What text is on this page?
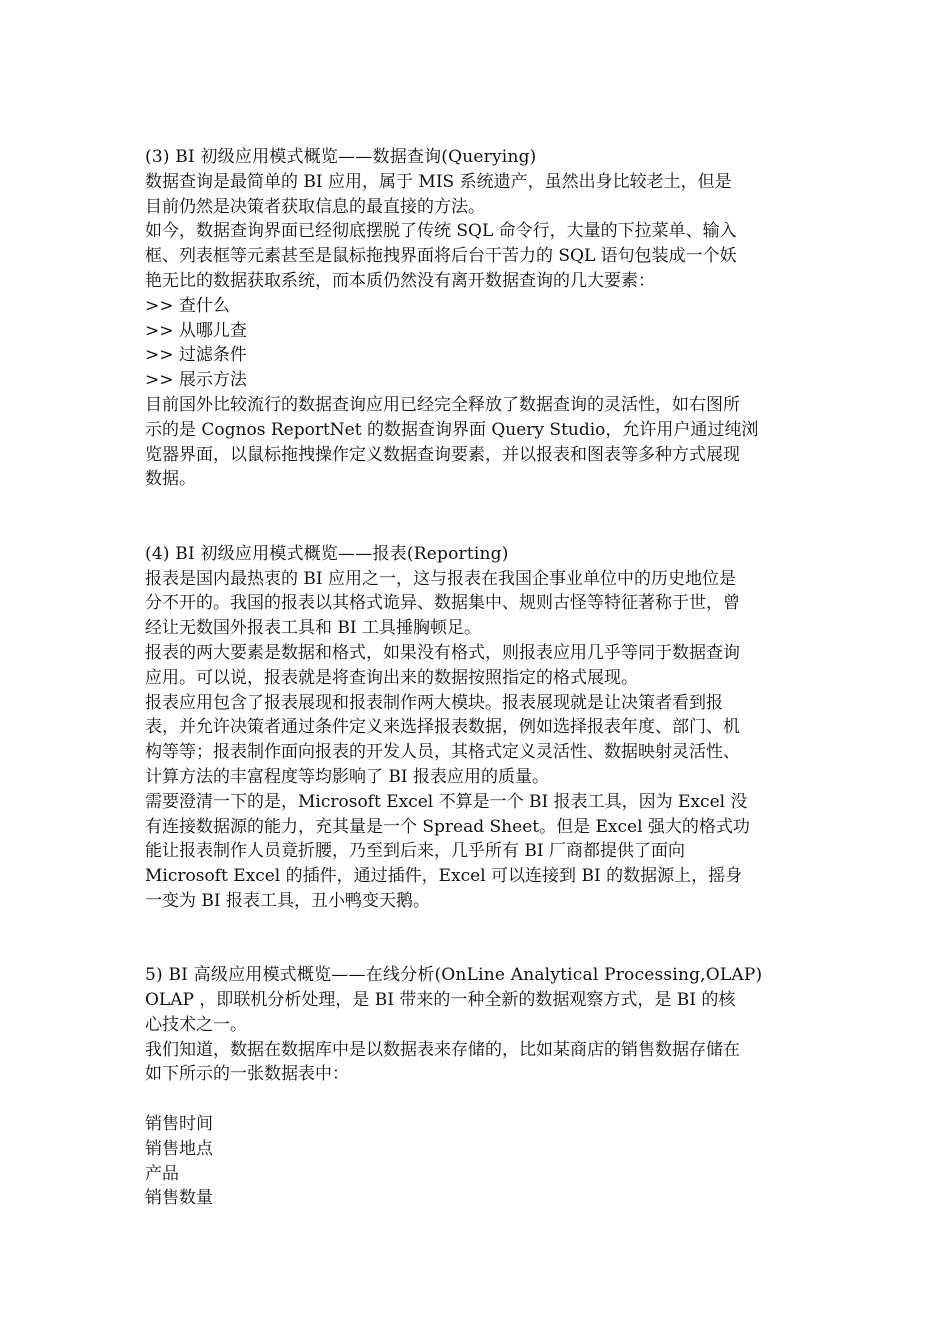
(3) BI 初级应用模式概览——数据查询(Querying)
数据查询是最简单的 BI 应用，属于 MIS 系统遗产，虽然出身比较老土，但是
目前仍然是决策者获取信息的最直接的方法。
如今，数据查询界面已经彻底摆脱了传统 SQL 命令行，大量的下拉菜单、输入
框、列表框等元素甚至是鼠标拖拽界面将后台干苦力的 SQL 语句包装成一个妖
艳无比的数据获取系统，而本质仍然没有离开数据查询的几大要素：
>> 查什么
>> 从哪儿查
>> 过滤条件
>> 展示方法
目前国外比较流行的数据查询应用已经完全释放了数据查询的灵活性，如右图所
示的是 Cognos ReportNet 的数据查询界面 Query Studio，允许用户通过纯浏
览器界面，以鼠标拖拽操作定义数据查询要素，并以报表和图表等多种方式展现
数据。
(4) BI 初级应用模式概览——报表(Reporting)
报表是国内最热衷的 BI 应用之一，这与报表在我国企事业单位中的历史地位是
分不开的。我国的报表以其格式诡异、数据集中、规则古怪等特征著称于世，曾
经让无数国外报表工具和 BI 工具捶胸顿足。
报表的两大要素是数据和格式，如果没有格式，则报表应用几乎等同于数据查询
应用。可以说，报表就是将查询出来的数据按照指定的格式展现。
报表应用包含了报表展现和报表制作两大模块。报表展现就是让决策者看到报
表，并允许决策者通过条件定义来选择报表数据，例如选择报表年度、部门、机
构等等；报表制作面向报表的开发人员，其格式定义灵活性、数据映射灵活性、
计算方法的丰富程度等均影响了 BI 报表应用的质量。
需要澄清一下的是，Microsoft Excel 不算是一个 BI 报表工具，因为 Excel 没
有连接数据源的能力，充其量是一个 Spread Sheet。但是 Excel 强大的格式功
能让报表制作人员竟折腰，乃至到后来，几乎所有 BI 厂商都提供了面向
Microsoft Excel 的插件，通过插件，Excel 可以连接到 BI 的数据源上，摇身
一变为 BI 报表工具，丑小鸭变天鹅。
5) BI 高级应用模式概览——在线分析(OnLine Analytical Processing,OLAP)
OLAP ，即联机分析处理，是 BI 带来的一种全新的数据观察方式，是 BI 的核
心技术之一。
我们知道，数据在数据库中是以数据表来存储的，比如某商店的销售数据存储在
如下所示的一张数据表中：
销售时间
销售地点
产品
销售数量
